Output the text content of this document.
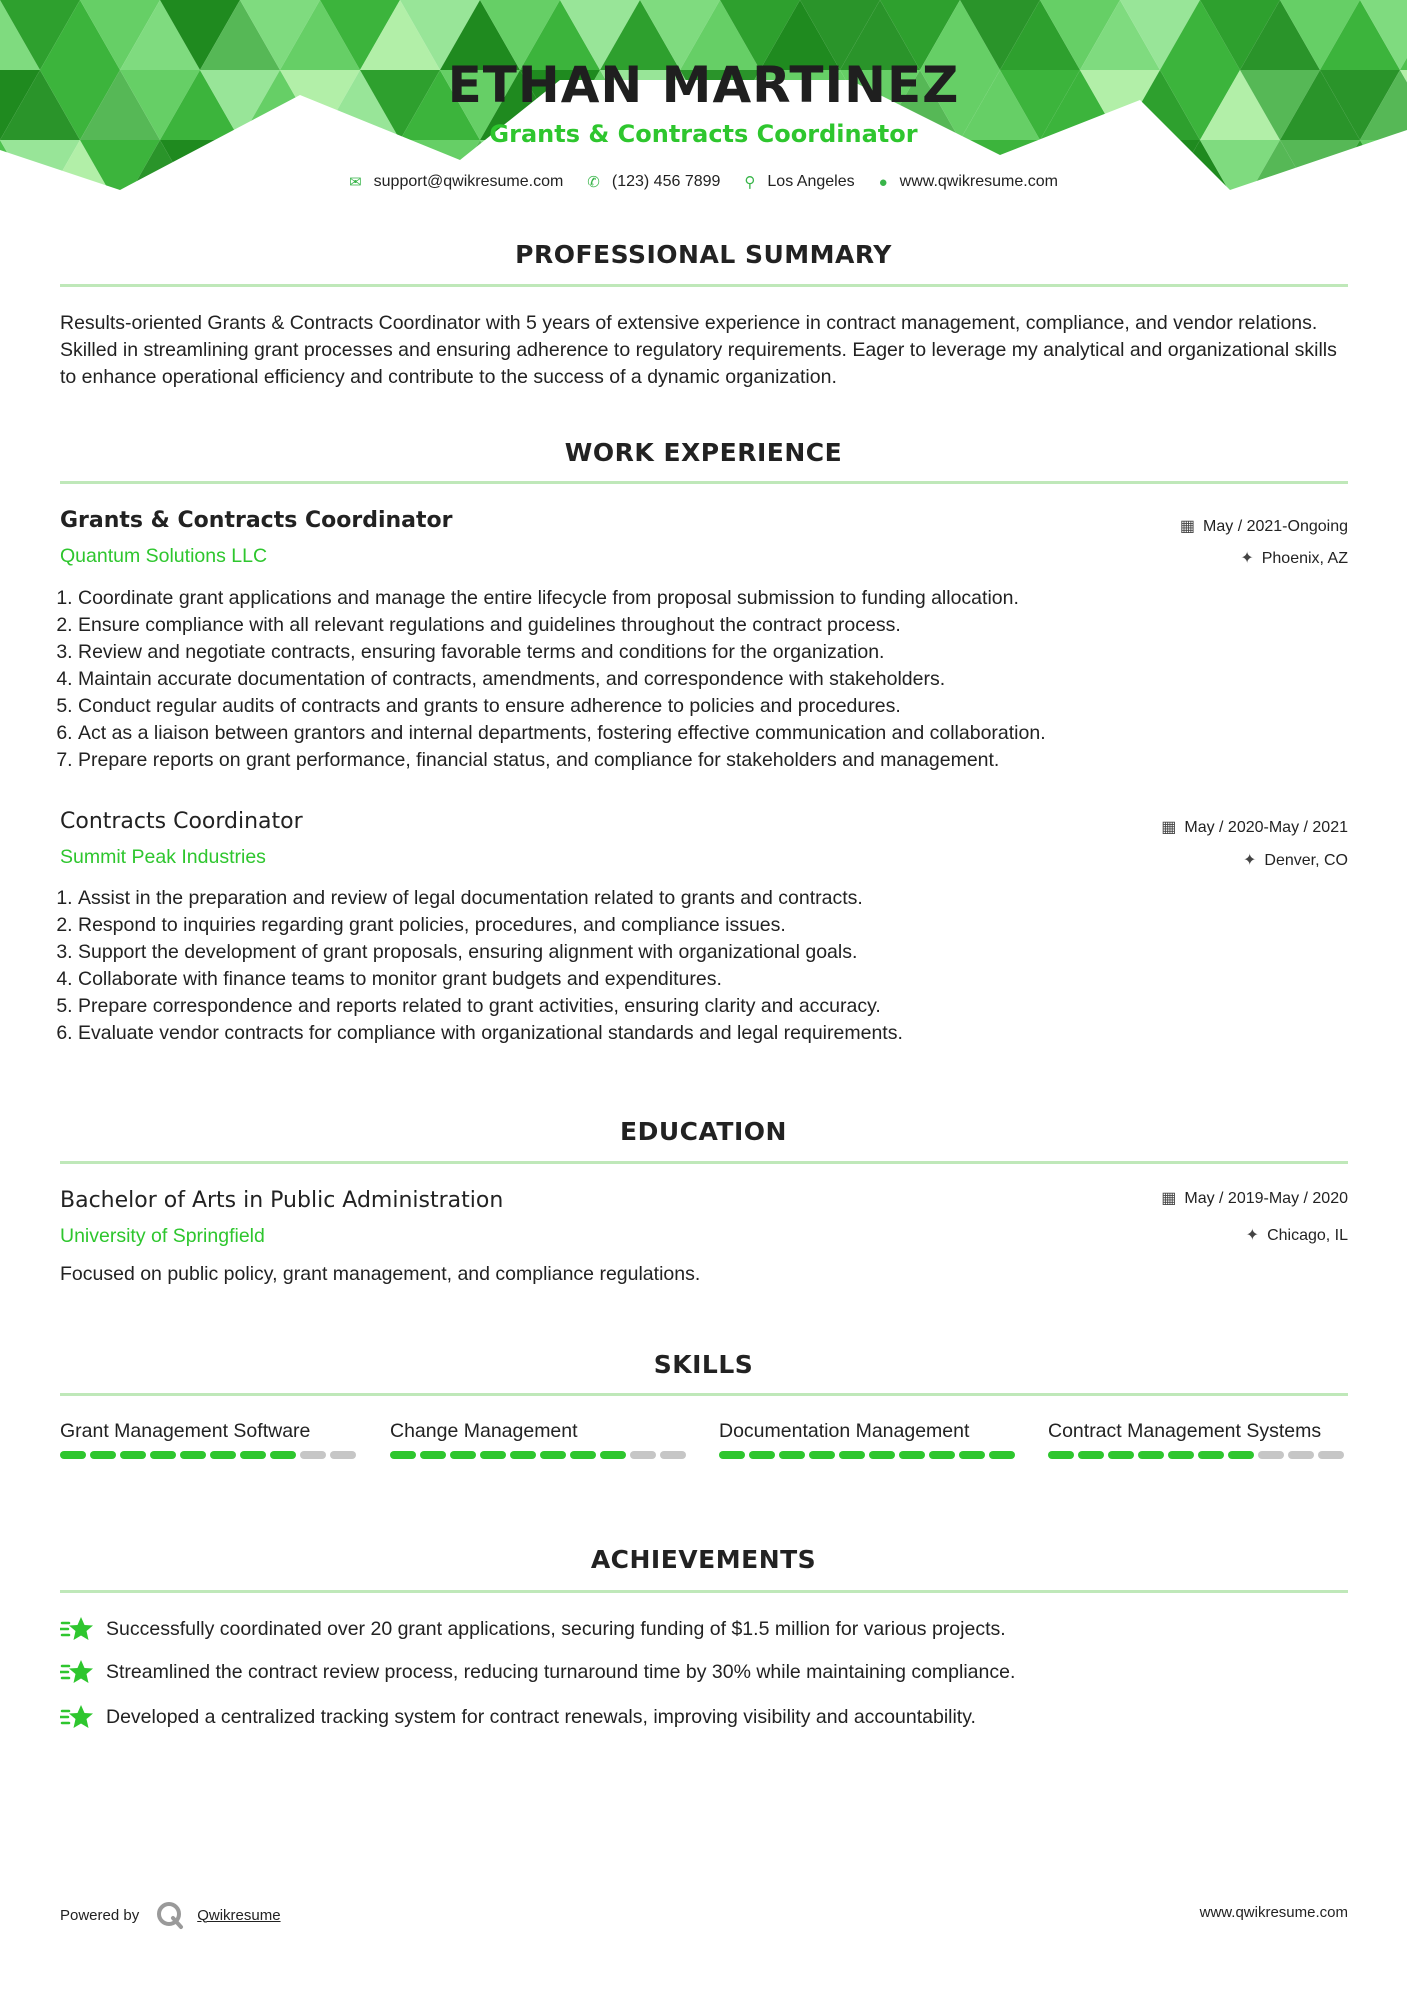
ETHAN MARTINEZ
Grants & Contracts Coordinator
✉ support@qwikresume.com ✆ (123) 456 7899 ⚲ Los Angeles ● www.qwikresume.com
PROFESSIONAL SUMMARY
Results-oriented Grants & Contracts Coordinator with 5 years of extensive experience in contract management, compliance, and vendor relations. Skilled in streamlining grant processes and ensuring adherence to regulatory requirements. Eager to leverage my analytical and organizational skills to enhance operational efficiency and contribute to the success of a dynamic organization.
WORK EXPERIENCE
Grants & Contracts Coordinator
Quantum Solutions LLC
▦ May / 2021-Ongoing
✦ Phoenix, AZ
1. Coordinate grant applications and manage the entire lifecycle from proposal submission to funding allocation.
2. Ensure compliance with all relevant regulations and guidelines throughout the contract process.
3. Review and negotiate contracts, ensuring favorable terms and conditions for the organization.
4. Maintain accurate documentation of contracts, amendments, and correspondence with stakeholders.
5. Conduct regular audits of contracts and grants to ensure adherence to policies and procedures.
6. Act as a liaison between grantors and internal departments, fostering effective communication and collaboration.
7. Prepare reports on grant performance, financial status, and compliance for stakeholders and management.
Contracts Coordinator
Summit Peak Industries
▦ May / 2020-May / 2021
✦ Denver, CO
1. Assist in the preparation and review of legal documentation related to grants and contracts.
2. Respond to inquiries regarding grant policies, procedures, and compliance issues.
3. Support the development of grant proposals, ensuring alignment with organizational goals.
4. Collaborate with finance teams to monitor grant budgets and expenditures.
5. Prepare correspondence and reports related to grant activities, ensuring clarity and accuracy.
6. Evaluate vendor contracts for compliance with organizational standards and legal requirements.
EDUCATION
Bachelor of Arts in Public Administration
University of Springfield
▦ May / 2019-May / 2020
✦ Chicago, IL
Focused on public policy, grant management, and compliance regulations.
SKILLS
Grant Management Software	Change Management	Documentation Management	Contract Management Systems
ACHIEVEMENTS
Successfully coordinated over 20 grant applications, securing funding of $1.5 million for various projects.
Streamlined the contract review process, reducing turnaround time by 30% while maintaining compliance.
Developed a centralized tracking system for contract renewals, improving visibility and accountability.
Powered by	Qwikresume	www.qwikresume.com
